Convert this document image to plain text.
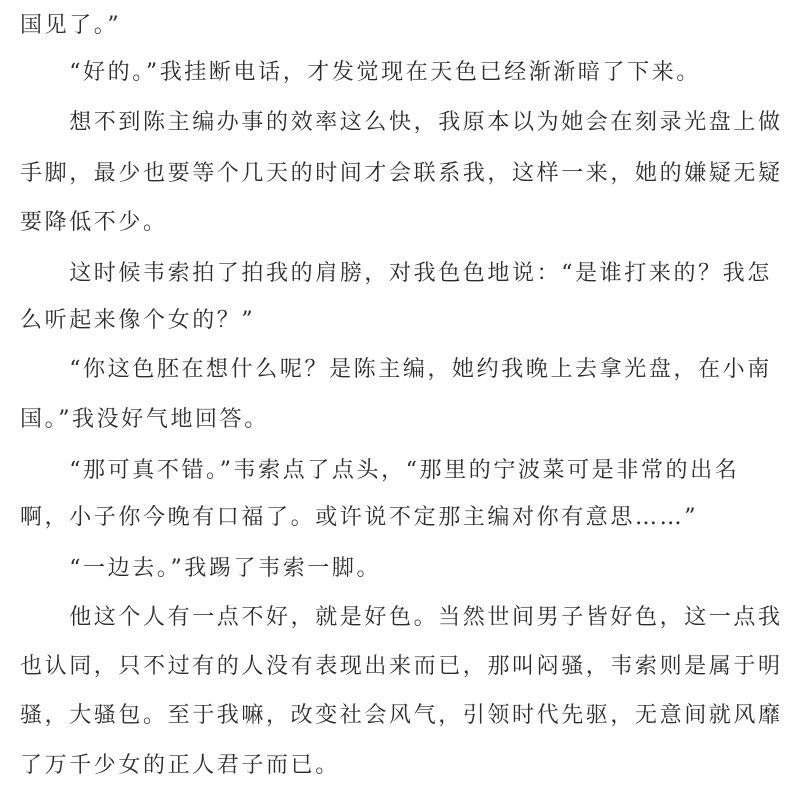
国见了。”
　　“好的。”我挂断电话，才发觉现在天色已经渐渐暗了下来。
　　想不到陈主编办事的效率这么快，我原本以为她会在刻录光盘上做
手脚，最少也要等个几天的时间才会联系我，这样一来，她的嫌疑无疑
要降低不少。
　　这时候韦索拍了拍我的肩膀，对我色色地说：“是谁打来的？我怎
么听起来像个女的？”
　　“你这色胚在想什么呢？是陈主编，她约我晚上去拿光盘，在小南
国。”我没好气地回答。
　　“那可真不错。”韦索点了点头，“那里的宁波菜可是非常的出名
啊，小子你今晚有口福了。或许说不定那主编对你有意思……”
　　“一边去。”我踢了韦索一脚。
　　他这个人有一点不好，就是好色。当然世间男子皆好色，这一点我
也认同，只不过有的人没有表现出来而已，那叫闷骚，韦索则是属于明
骚，大骚包。至于我嘛，改变社会风气，引领时代先驱，无意间就风靡
了万千少女的正人君子而已。
